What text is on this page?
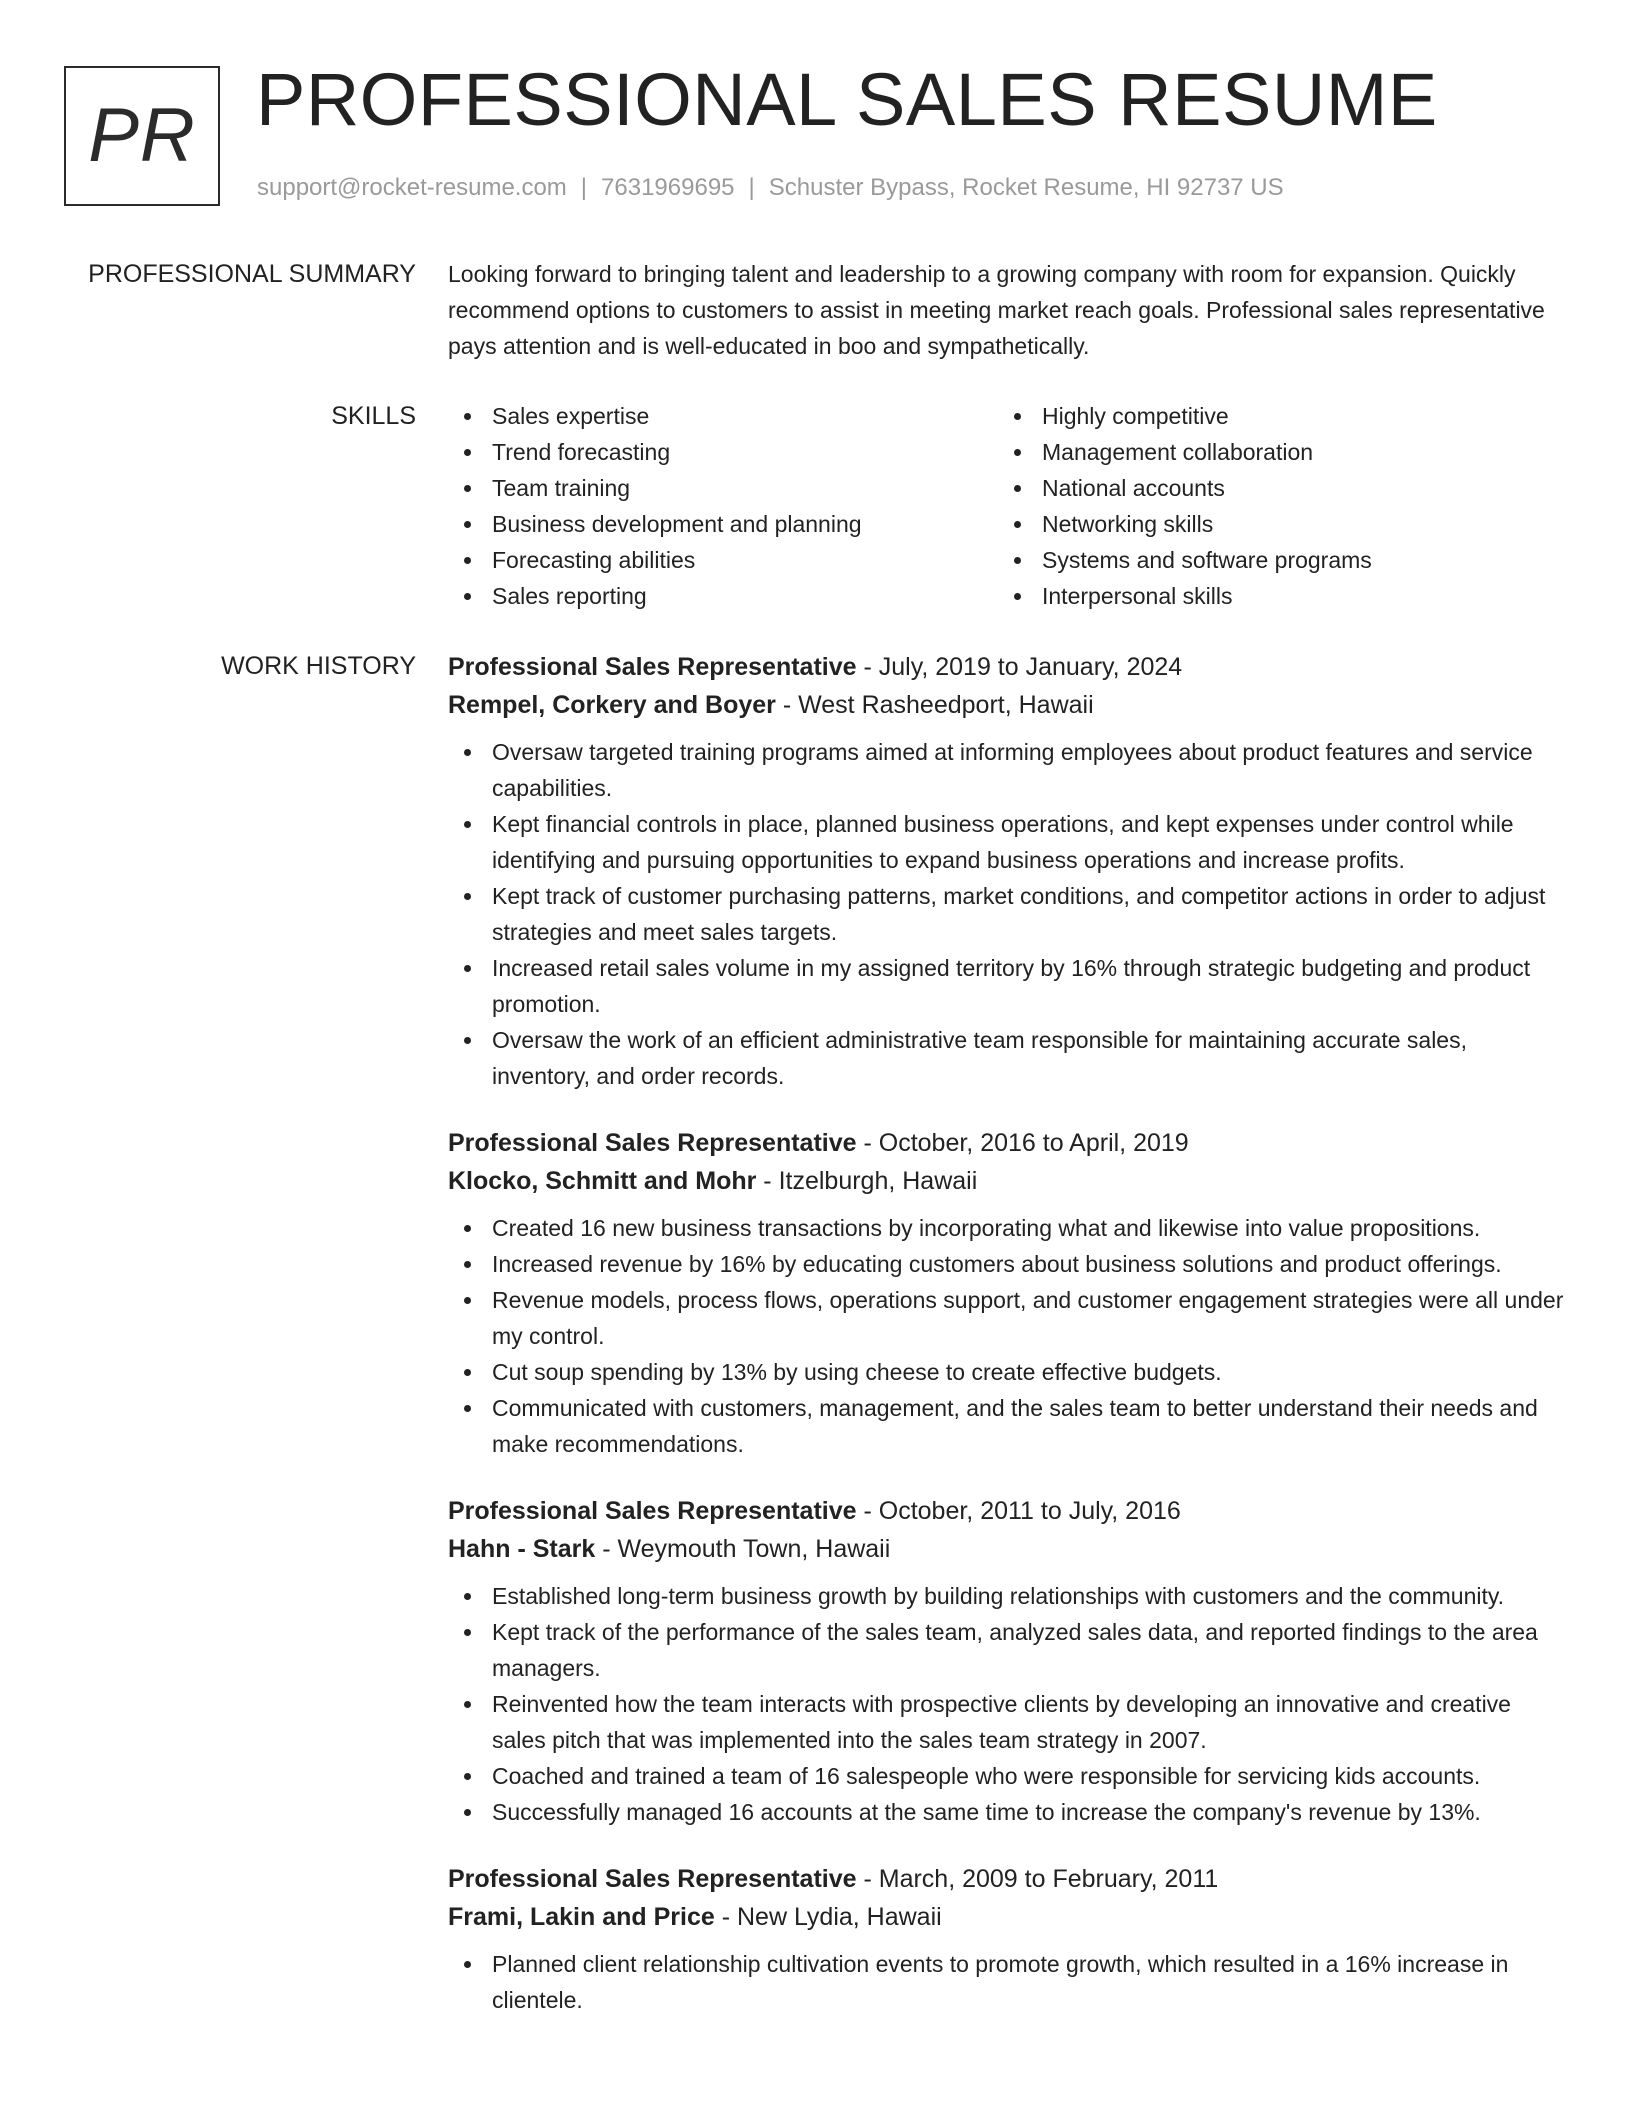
PR PROFESSIONAL SALES RESUME
support@rocket-resume.com | 7631969695 | Schuster Bypass, Rocket Resume, HI 92737 US
PROFESSIONAL SUMMARY Looking forward to bringing talent and leadership to a growing company with room for expansion. Quickly recommend options to customers to assist in meeting market reach goals. Professional sales representative pays attention and is well-educated in boo and sympathetically.

SKILLS	Sales expertise
Trend forecasting
Team training
Business development and planning
Forecasting abilities
Sales reporting
Highly competitive
Management collaboration
National accounts
Networking skills
Systems and software programs
Interpersonal skills
WORK HISTORY Professional Sales Representative - July, 2019 to January, 2024
Rempel, Corkery and Boyer - West Rasheedport, Hawaii
Oversaw targeted training programs aimed at informing employees about product features and service capabilities.
Kept financial controls in place, planned business operations, and kept expenses under control while identifying and pursuing opportunities to expand business operations and increase profits.
Kept track of customer purchasing patterns, market conditions, and competitor actions in order to adjust strategies and meet sales targets.
Increased retail sales volume in my assigned territory by 16% through strategic budgeting and product promotion.
Oversaw the work of an efficient administrative team responsible for maintaining accurate sales, inventory, and order records.
Professional Sales Representative - October, 2016 to April, 2019
Klocko, Schmitt and Mohr - Itzelburgh, Hawaii
Created 16 new business transactions by incorporating what and likewise into value propositions.
Increased revenue by 16% by educating customers about business solutions and product offerings.
Revenue models, process flows, operations support, and customer engagement strategies were all under my control.
Cut soup spending by 13% by using cheese to create effective budgets.
Communicated with customers, management, and the sales team to better understand their needs and make recommendations.
Professional Sales Representative - October, 2011 to July, 2016
Hahn - Stark - Weymouth Town, Hawaii
Established long-term business growth by building relationships with customers and the community.
Kept track of the performance of the sales team, analyzed sales data, and reported findings to the area managers.
Reinvented how the team interacts with prospective clients by developing an innovative and creative sales pitch that was implemented into the sales team strategy in 2007.
Coached and trained a team of 16 salespeople who were responsible for servicing kids accounts.
Successfully managed 16 accounts at the same time to increase the company's revenue by 13%.
Professional Sales Representative - March, 2009 to February, 2011
Frami, Lakin and Price - New Lydia, Hawaii
Planned client relationship cultivation events to promote growth, which resulted in a 16% increase in clientele.
